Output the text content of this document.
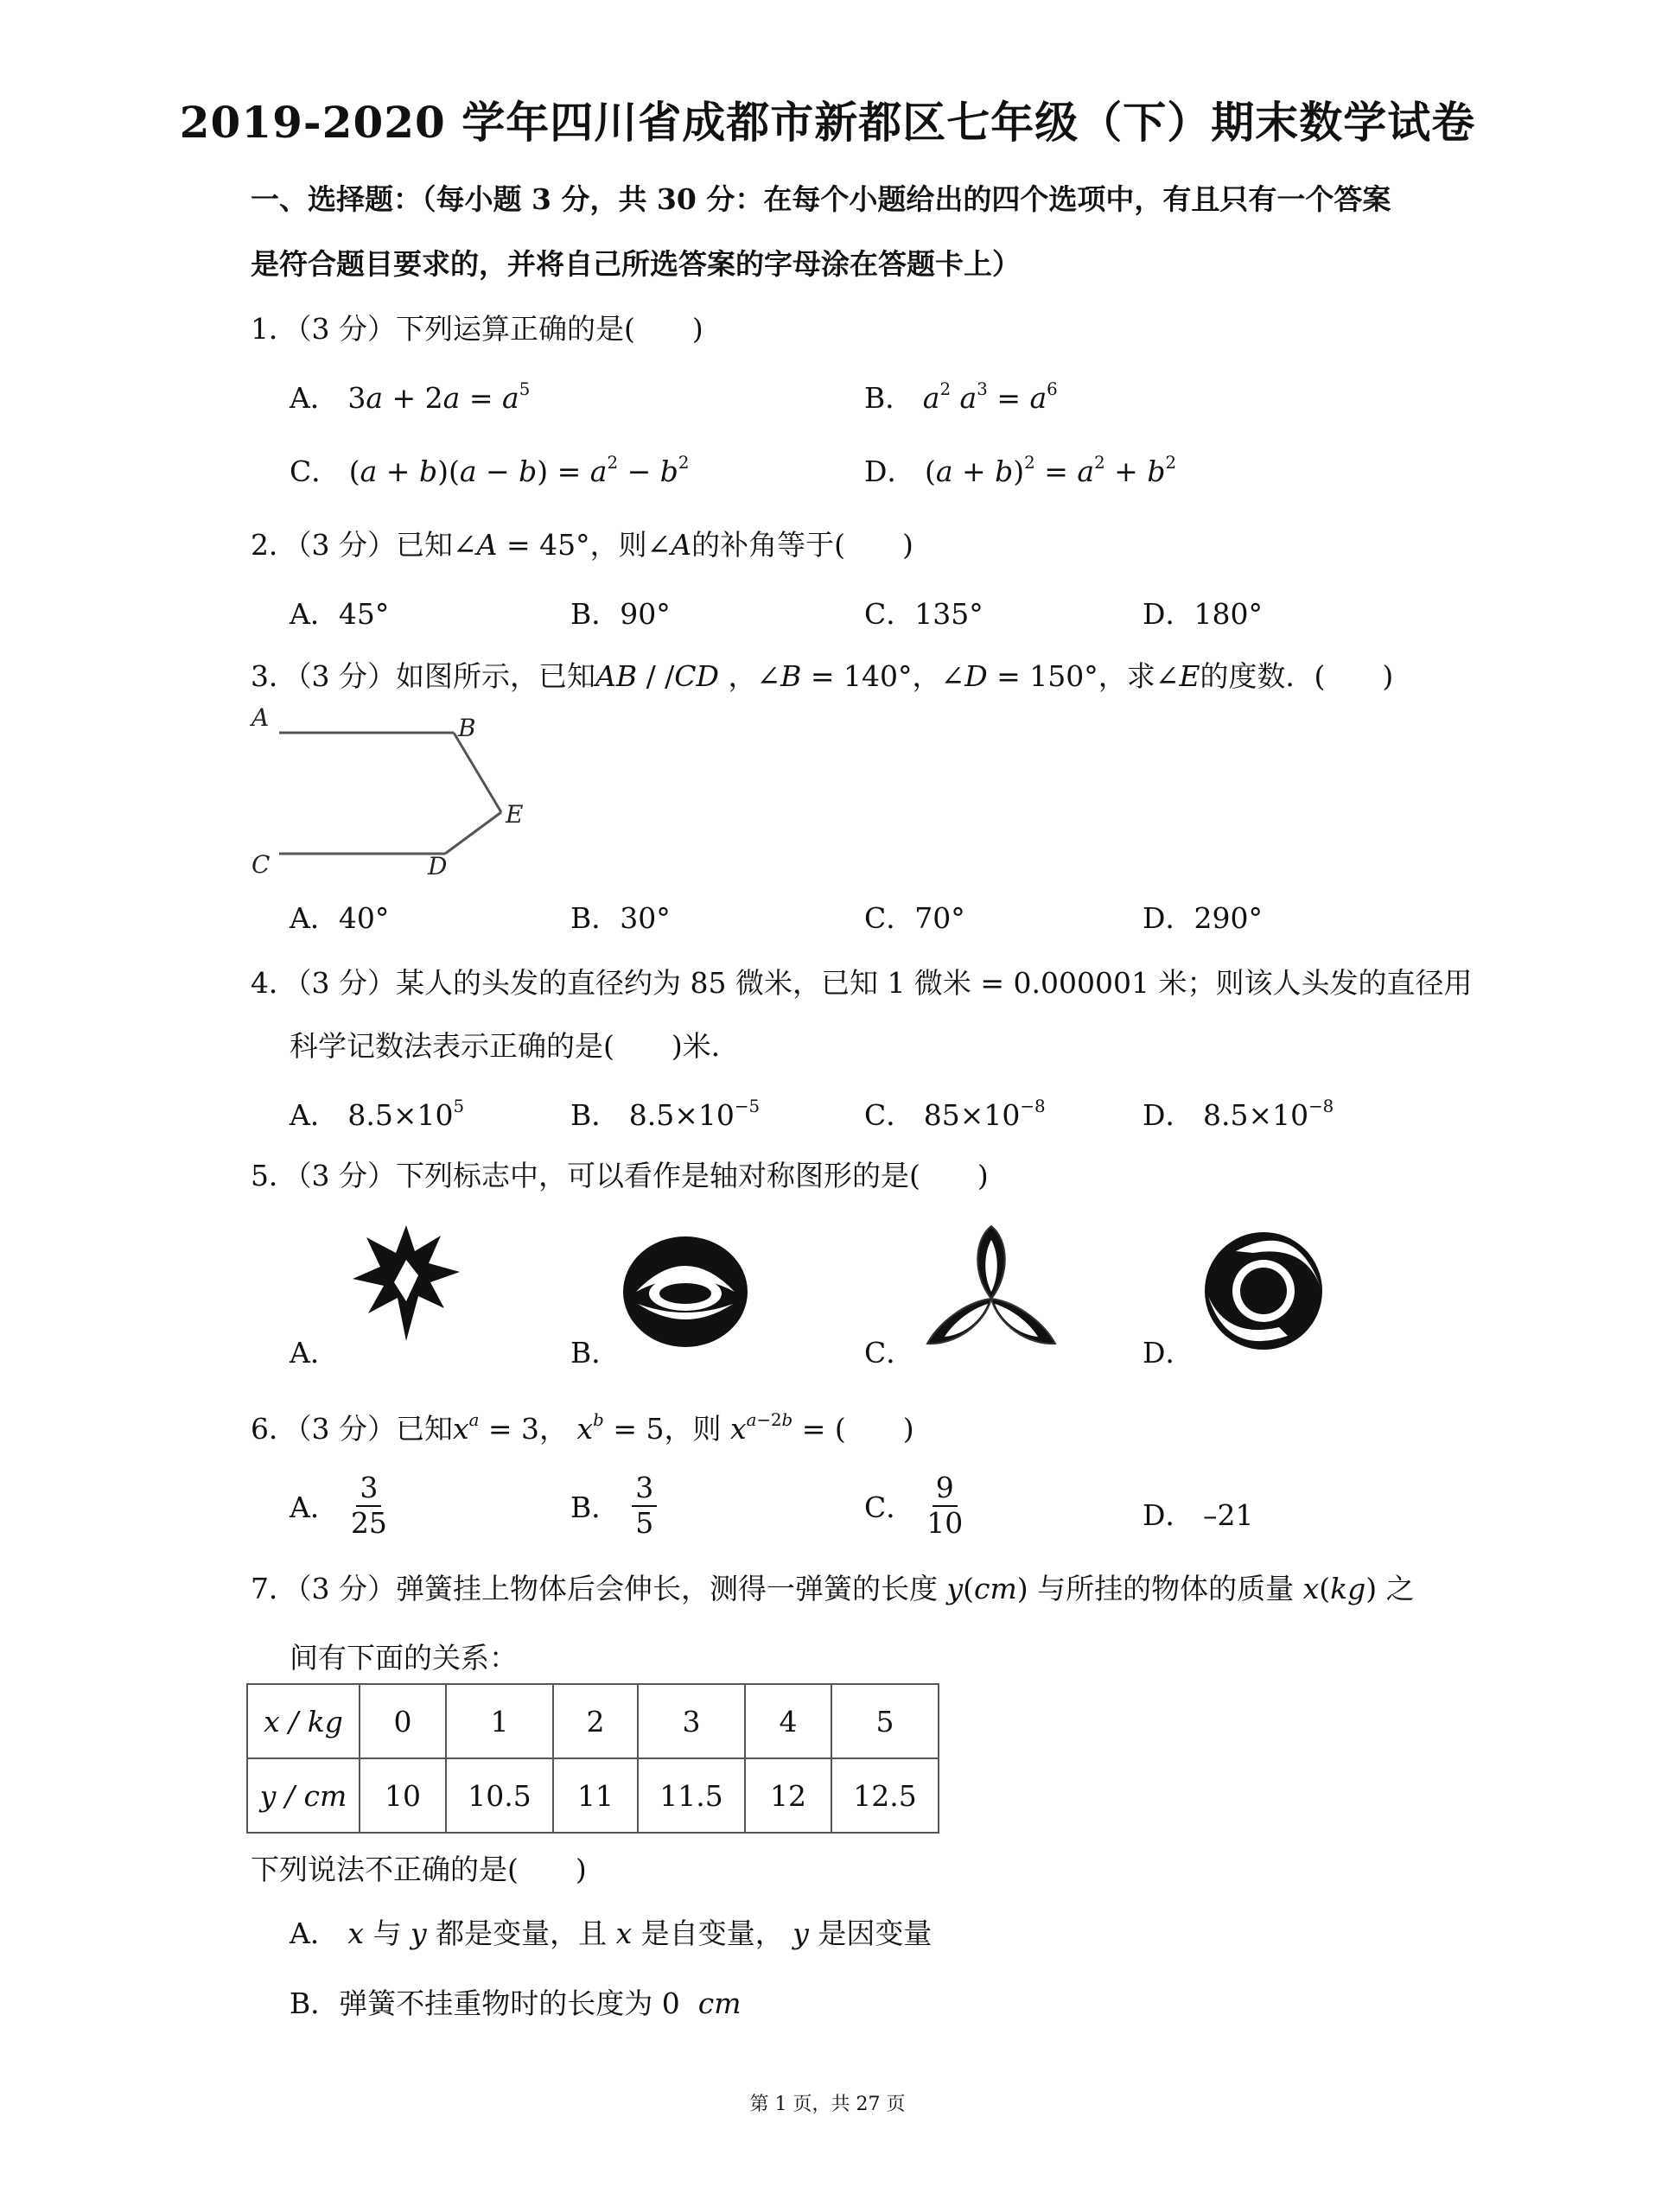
2019-2020 学年四川省成都市新都区七年级（下）期末数学试卷
一、选择题：（每小题 3 分，共 30 分：在每个小题给出的四个选项中，有且只有一个答案
是符合题目要求的，并将自己所选答案的字母涂在答题卡上）
1．（3 分）下列运算正确的是(　　)
A． $3a + 2a = a^5$	B． $a^2$ $a^3 = a^6$
C． $(a + b)(a - b) = a^2 - b^2$	D． $(a + b)^2 = a^2 + b^2$
2．（3 分）已知∠A = 45°，则∠A的补角等于(　　)
A．45°	B．90°	C．135°	D．180°
3．（3 分）如图所示，已知AB / /CD ，∠B = 140°，∠D = 150°，求∠E的度数．(　　)
A	B
C	D
E
A．40°	B．30°	C．70°	D．290°
4．（3 分）某人的头发的直径约为 85 微米，已知 1 微米 = 0.000001 米；则该人头发的直径用
科学记数法表示正确的是(　　)米．
A． $8.5\times 10^5$	B． $8.5\times 10^{-5}$	C． $85\times 10^{-8}$	D． $8.5\times 10^{-8}$
5．（3 分）下列标志中，可以看作是轴对称图形的是(　　)
A．	B．	C．	D．
6．（3 分）已知$x^a = 3$， $x^b = 5$，则 $x^{a-2b}$ = (　　)
A． $\frac{3}{25}$	B． $\frac{3}{5}$	C． $\frac{9}{10}$	D． –21
7．（3 分）弹簧挂上物体后会伸长，测得一弹簧的长度 y(cm) 与所挂的物体的质量 x(kg) 之
间有下面的关系：
x / kg	0	1	2	3	4	5
y / cm	10	10.5	11	11.5	12	12.5
下列说法不正确的是(　　)
A． x 与 y 都是变量，且 x 是自变量， y 是因变量
B．弹簧不挂重物时的长度为 0 cm
第 1 页，共 27 页
